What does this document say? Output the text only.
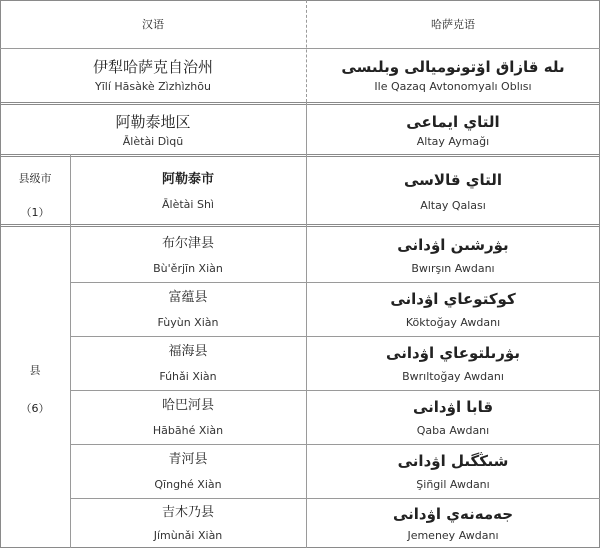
汉语	哈萨克语
伊犁哈萨克自治州
Yīlí Hāsàkè Zìzhìzhōu
ىله قازاق اۆتونوميالى وبلىسى
Ile Qazaq Avtonomyalı Oblısı
阿勒泰地区
Ālètài Dìqū
التاي ايماعى
Altay Aymağı
县级市
（1）
阿勒泰市
Ālètài Shì
التاي قالاسى
Altay Qalası
县
（6）
布尔津县
Bù'ěrjīn Xiàn
بۋرشىن اۋدانى
Bwırşın Awdanı
富蕴县
Fùyùn Xiàn
كوكتوعاي اۋدانى
Köktoğay Awdanı
福海县
Fúhǎi Xiàn
بۋرىلتوعاي اۋدانى
Bwrıltoğay Awdanı
哈巴河县
Hābāhé Xiàn
قابا اۋدانى
Qaba Awdanı
青河县
Qīnghé Xiàn
شىڭگىل اۋدانى
Şiñgil Awdanı
吉木乃县
Jímùnǎi Xiàn
جەمەنەي اۋدانى
Jemeney Awdanı
